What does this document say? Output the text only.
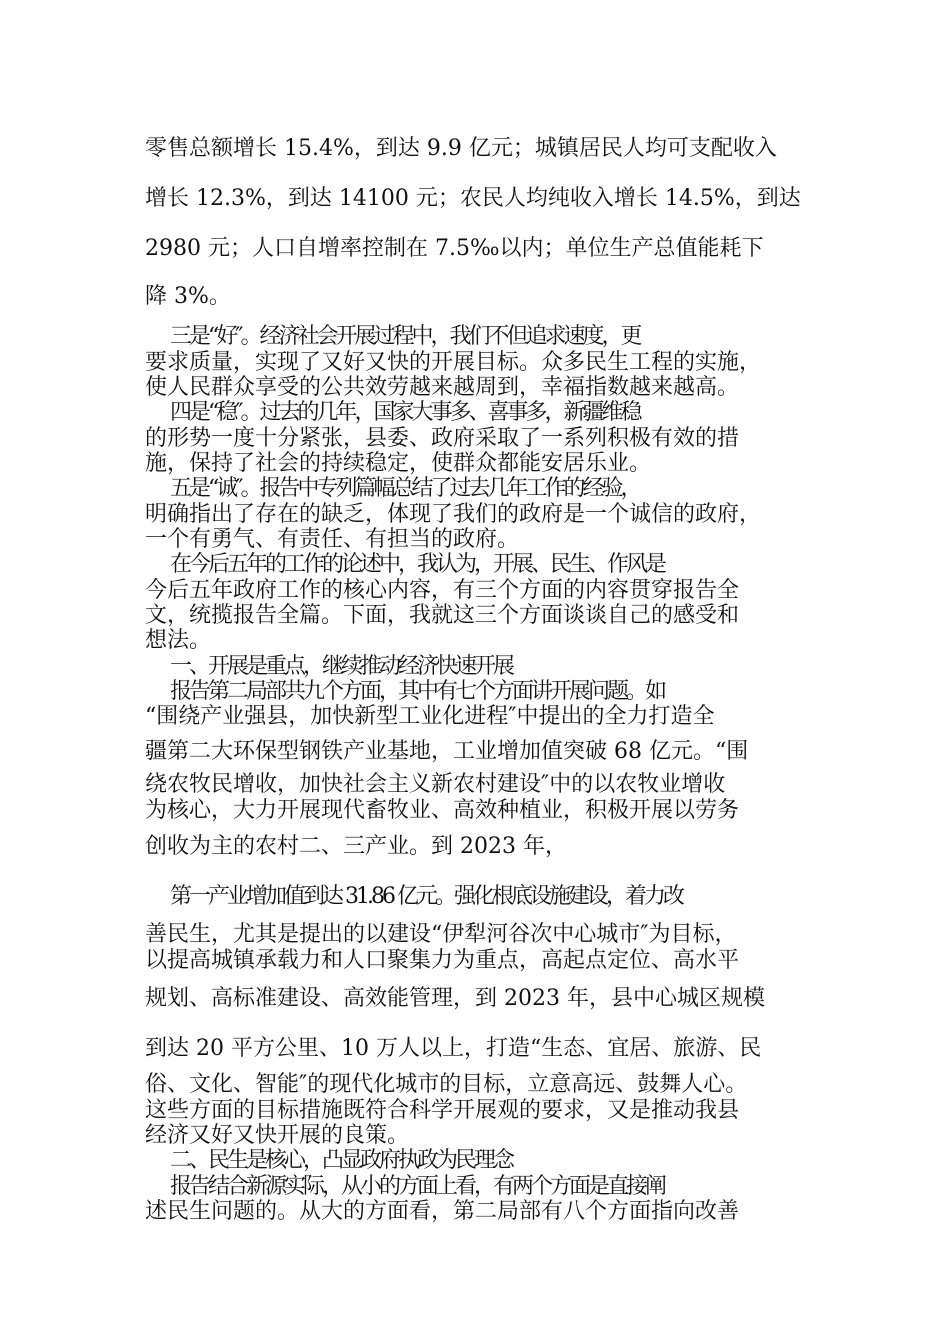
零售总额增长 15.4%，到达 9.9 亿元；城镇居民人均可支配收入
增长 12.3%，到达 14100 元；农民人均纯收入增长 14.5%，到达
2980 元；人口自增率控制在 7.5‰以内；单位生产总值能耗下
降 3%。
三是“好″。经济社会开展过程中，我们不但追求速度，更
要求质量，实现了又好又快的开展目标。众多民生工程的实施，
使人民群众享受的公共效劳越来越周到，幸福指数越来越高。
四是“稳″。过去的几年，国家大事多、喜事多，新疆维稳
的形势一度十分紧张，县委、政府采取了一系列积极有效的措
施，保持了社会的持续稳定，使群众都能安居乐业。
五是“诚″。报告中专列篇幅总结了过去几年工作的经验，
明确指出了存在的缺乏，体现了我们的政府是一个诚信的政府，
一个有勇气、有责任、有担当的政府。
在今后五年的工作的论述中，我认为，开展、民生、作风是
今后五年政府工作的核心内容，有三个方面的内容贯穿报告全
文，统揽报告全篇。下面，我就这三个方面谈谈自己的感受和
想法。
一、开展是重点，继续推动经济快速开展
报告第二局部共九个方面，其中有七个方面讲开展问题。如
“围绕产业强县，加快新型工业化进程″中提出的全力打造全
疆第二大环保型钢铁产业基地，工业增加值突破 68 亿元。“围
绕农牧民增收，加快社会主义新农村建设″中的以农牧业增收
为核心，大力开展现代畜牧业、高效种植业，积极开展以劳务
创收为主的农村二、三产业。到 2023 年，
第一产业增加值到达 31.86 亿元。强化根底设施建设，着力改
善民生，尤其是提出的以建设“伊犁河谷次中心城市″为目标，
以提高城镇承载力和人口聚集力为重点，高起点定位、高水平
规划、高标准建设、高效能管理，到 2023 年，县中心城区规模
到达 20 平方公里、10 万人以上，打造“生态、宜居、旅游、民
俗、文化、智能″的现代化城市的目标，立意高远、鼓舞人心。
这些方面的目标措施既符合科学开展观的要求，又是推动我县
经济又好又快开展的良策。
二、民生是核心，凸显政府执政为民理念
报告结合新源实际，从小的方面上看，有两个方面是直接阐
述民生问题的。从大的方面看，第二局部有八个方面指向改善
